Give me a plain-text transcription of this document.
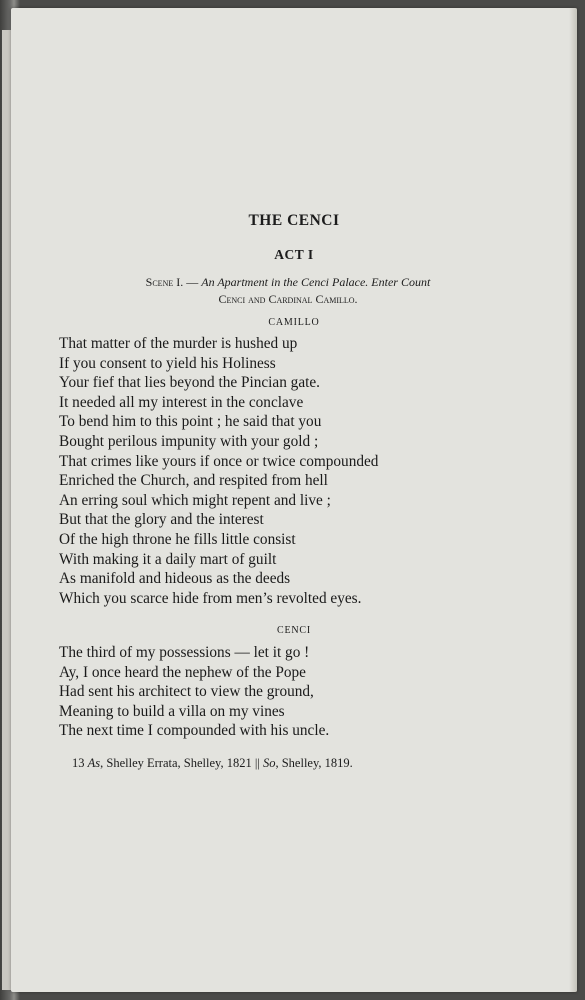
THE CENCI
ACT I
Scene I. — An Apartment in the Cenci Palace. Enter Count
Cenci and Cardinal Camillo.

CAMILLO

That matter of the murder is hushed up
If you consent to yield his Holiness
Your fief that lies beyond the Pincian gate.
It needed all my interest in the conclave
To bend him to this point ; he said that you
Bought perilous impunity with your gold ;
That crimes like yours if once or twice compounded
Enriched the Church, and respited from hell
An erring soul which might repent and live ;
But that the glory and the interest
Of the high throne he fills little consist
With making it a daily mart of guilt
As manifold and hideous as the deeds
Which you scarce hide from men’s revolted eyes.

CENCI

The third of my possessions — let it go !
Ay, I once heard the nephew of the Pope
Had sent his architect to view the ground,
Meaning to build a villa on my vines
The next time I compounded with his uncle.
13 As, Shelley Errata, Shelley, 1821 || So, Shelley, 1819.
